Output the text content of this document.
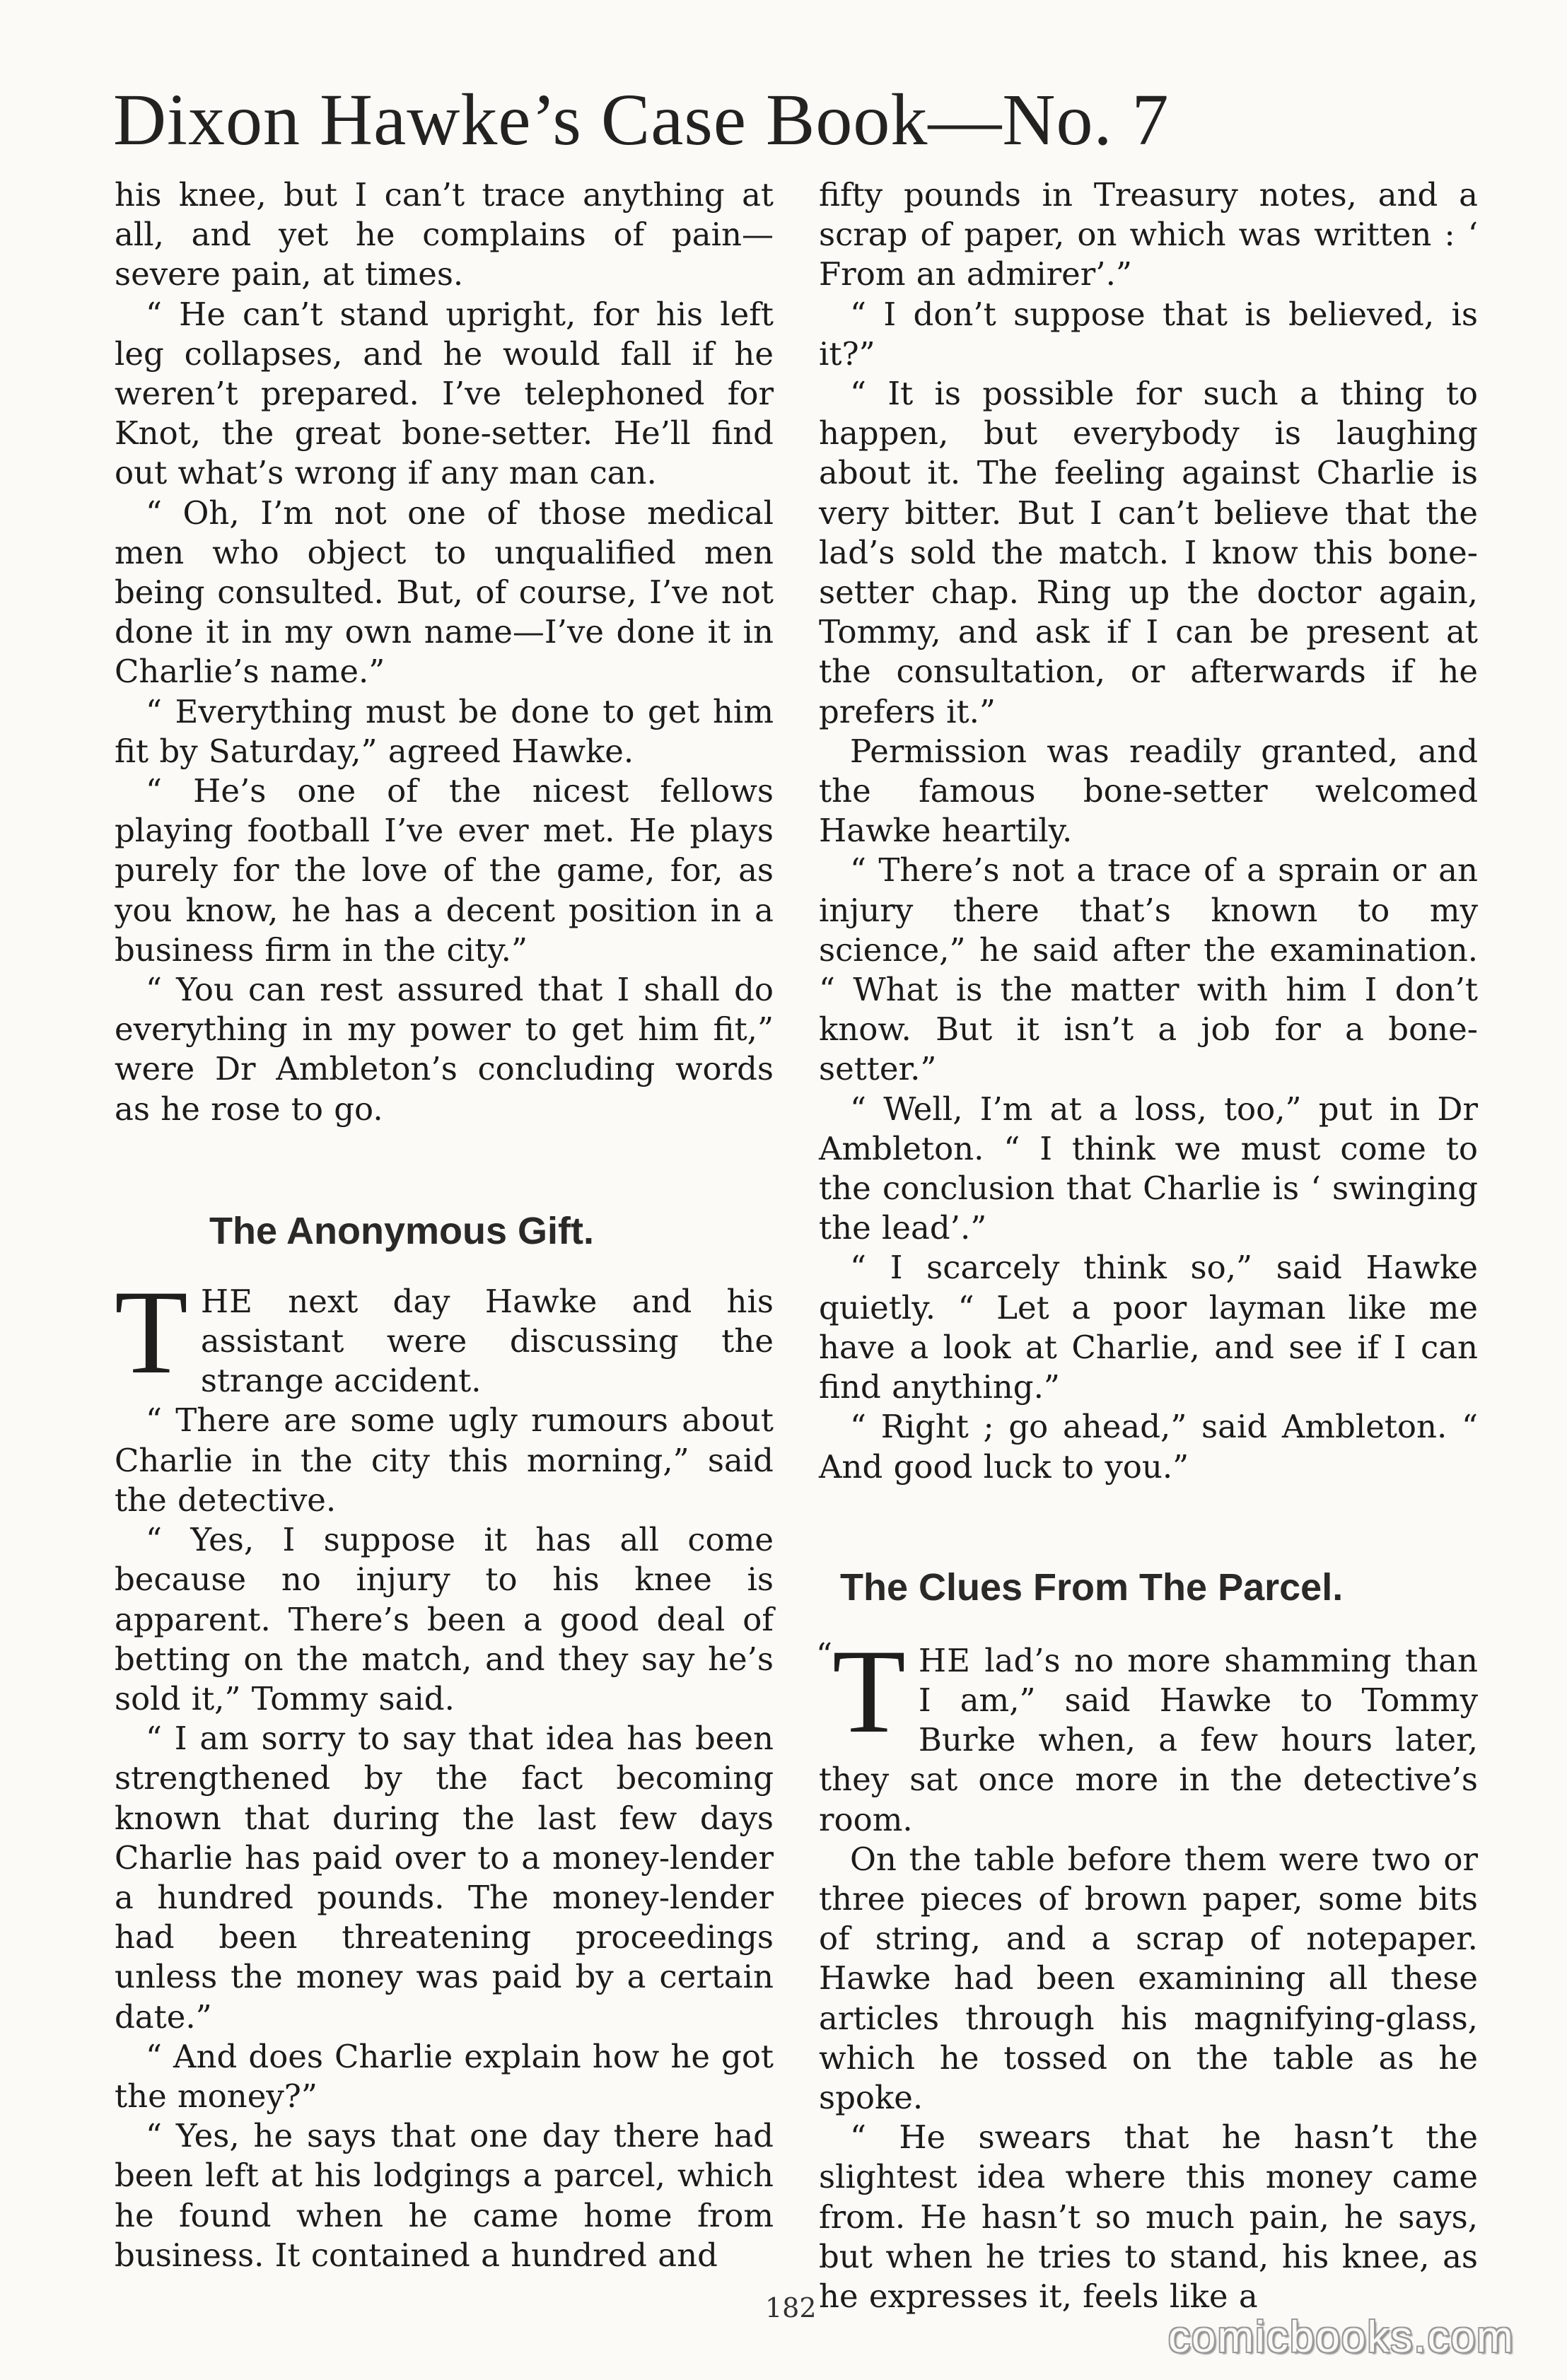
Dixon Hawke’s Case Book—No. 7

his knee, but I can’t trace anything at all, and yet he complains of pain—severe pain, at times.

“ He can’t stand upright, for his left leg collapses, and he would fall if he weren’t prepared. I’ve telephoned for Knot, the great bone-setter. He’ll find out what’s wrong if any man can.

“ Oh, I’m not one of those medical men who object to unqualified men being consulted. But, of course, I’ve not done it in my own name—I’ve done it in Charlie’s name.”

“ Everything must be done to get him fit by Saturday,” agreed Hawke.

“ He’s one of the nicest fellows playing football I’ve ever met. He plays purely for the love of the game, for, as you know, he has a decent position in a business firm in the city.”

“ You can rest assured that I shall do everything in my power to get him fit,” were Dr Ambleton’s concluding words as he rose to go.

The Anonymous Gift.

THE next day Hawke and his assistant were discussing the strange accident.

“ There are some ugly rumours about Charlie in the city this morning,” said the detective.

“ Yes, I suppose it has all come because no injury to his knee is apparent. There’s been a good deal of betting on the match, and they say he’s sold it,” Tommy said.

“ I am sorry to say that idea has been strengthened by the fact becoming known that during the last few days Charlie has paid over to a money-lender a hundred pounds. The money-lender had been threatening proceedings unless the money was paid by a certain date.”

“ And does Charlie explain how he got the money?”

“ Yes, he says that one day there had been left at his lodgings a parcel, which he found when he came home from business. It contained a hundred and

fifty pounds in Treasury notes, and a scrap of paper, on which was written : ‘ From an admirer’.”

“ I don’t suppose that is believed, is it?”

“ It is possible for such a thing to happen, but everybody is laughing about it. The feeling against Charlie is very bitter. But I can’t believe that the lad’s sold the match. I know this bone-setter chap. Ring up the doctor again, Tommy, and ask if I can be present at the consultation, or afterwards if he prefers it.”

Permission was readily granted, and the famous bone-setter welcomed Hawke heartily.

“ There’s not a trace of a sprain or an injury there that’s known to my science,” he said after the examination. “ What is the matter with him I don’t know. But it isn’t a job for a bone-setter.”

“ Well, I’m at a loss, too,” put in Dr Ambleton. “ I think we must come to the conclusion that Charlie is ‘ swinging the lead’.”

“ I scarcely think so,” said Hawke quietly. “ Let a poor layman like me have a look at Charlie, and see if I can find anything.”

“ Right ; go ahead,” said Ambleton. “ And good luck to you.”

The Clues From The Parcel.

“ T HE lad’s no more shamming than I am,” said Hawke to Tommy Burke when, a few hours later, they sat once more in the detective’s room.

On the table before them were two or three pieces of brown paper, some bits of string, and a scrap of notepaper. Hawke had been examining all these articles through his magnifying-glass, which he tossed on the table as he spoke.

“ He swears that he hasn’t the slightest idea where this money came from. He hasn’t so much pain, he says, but when he tries to stand, his knee, as he expresses it, feels like a

182
comicbooks.com
